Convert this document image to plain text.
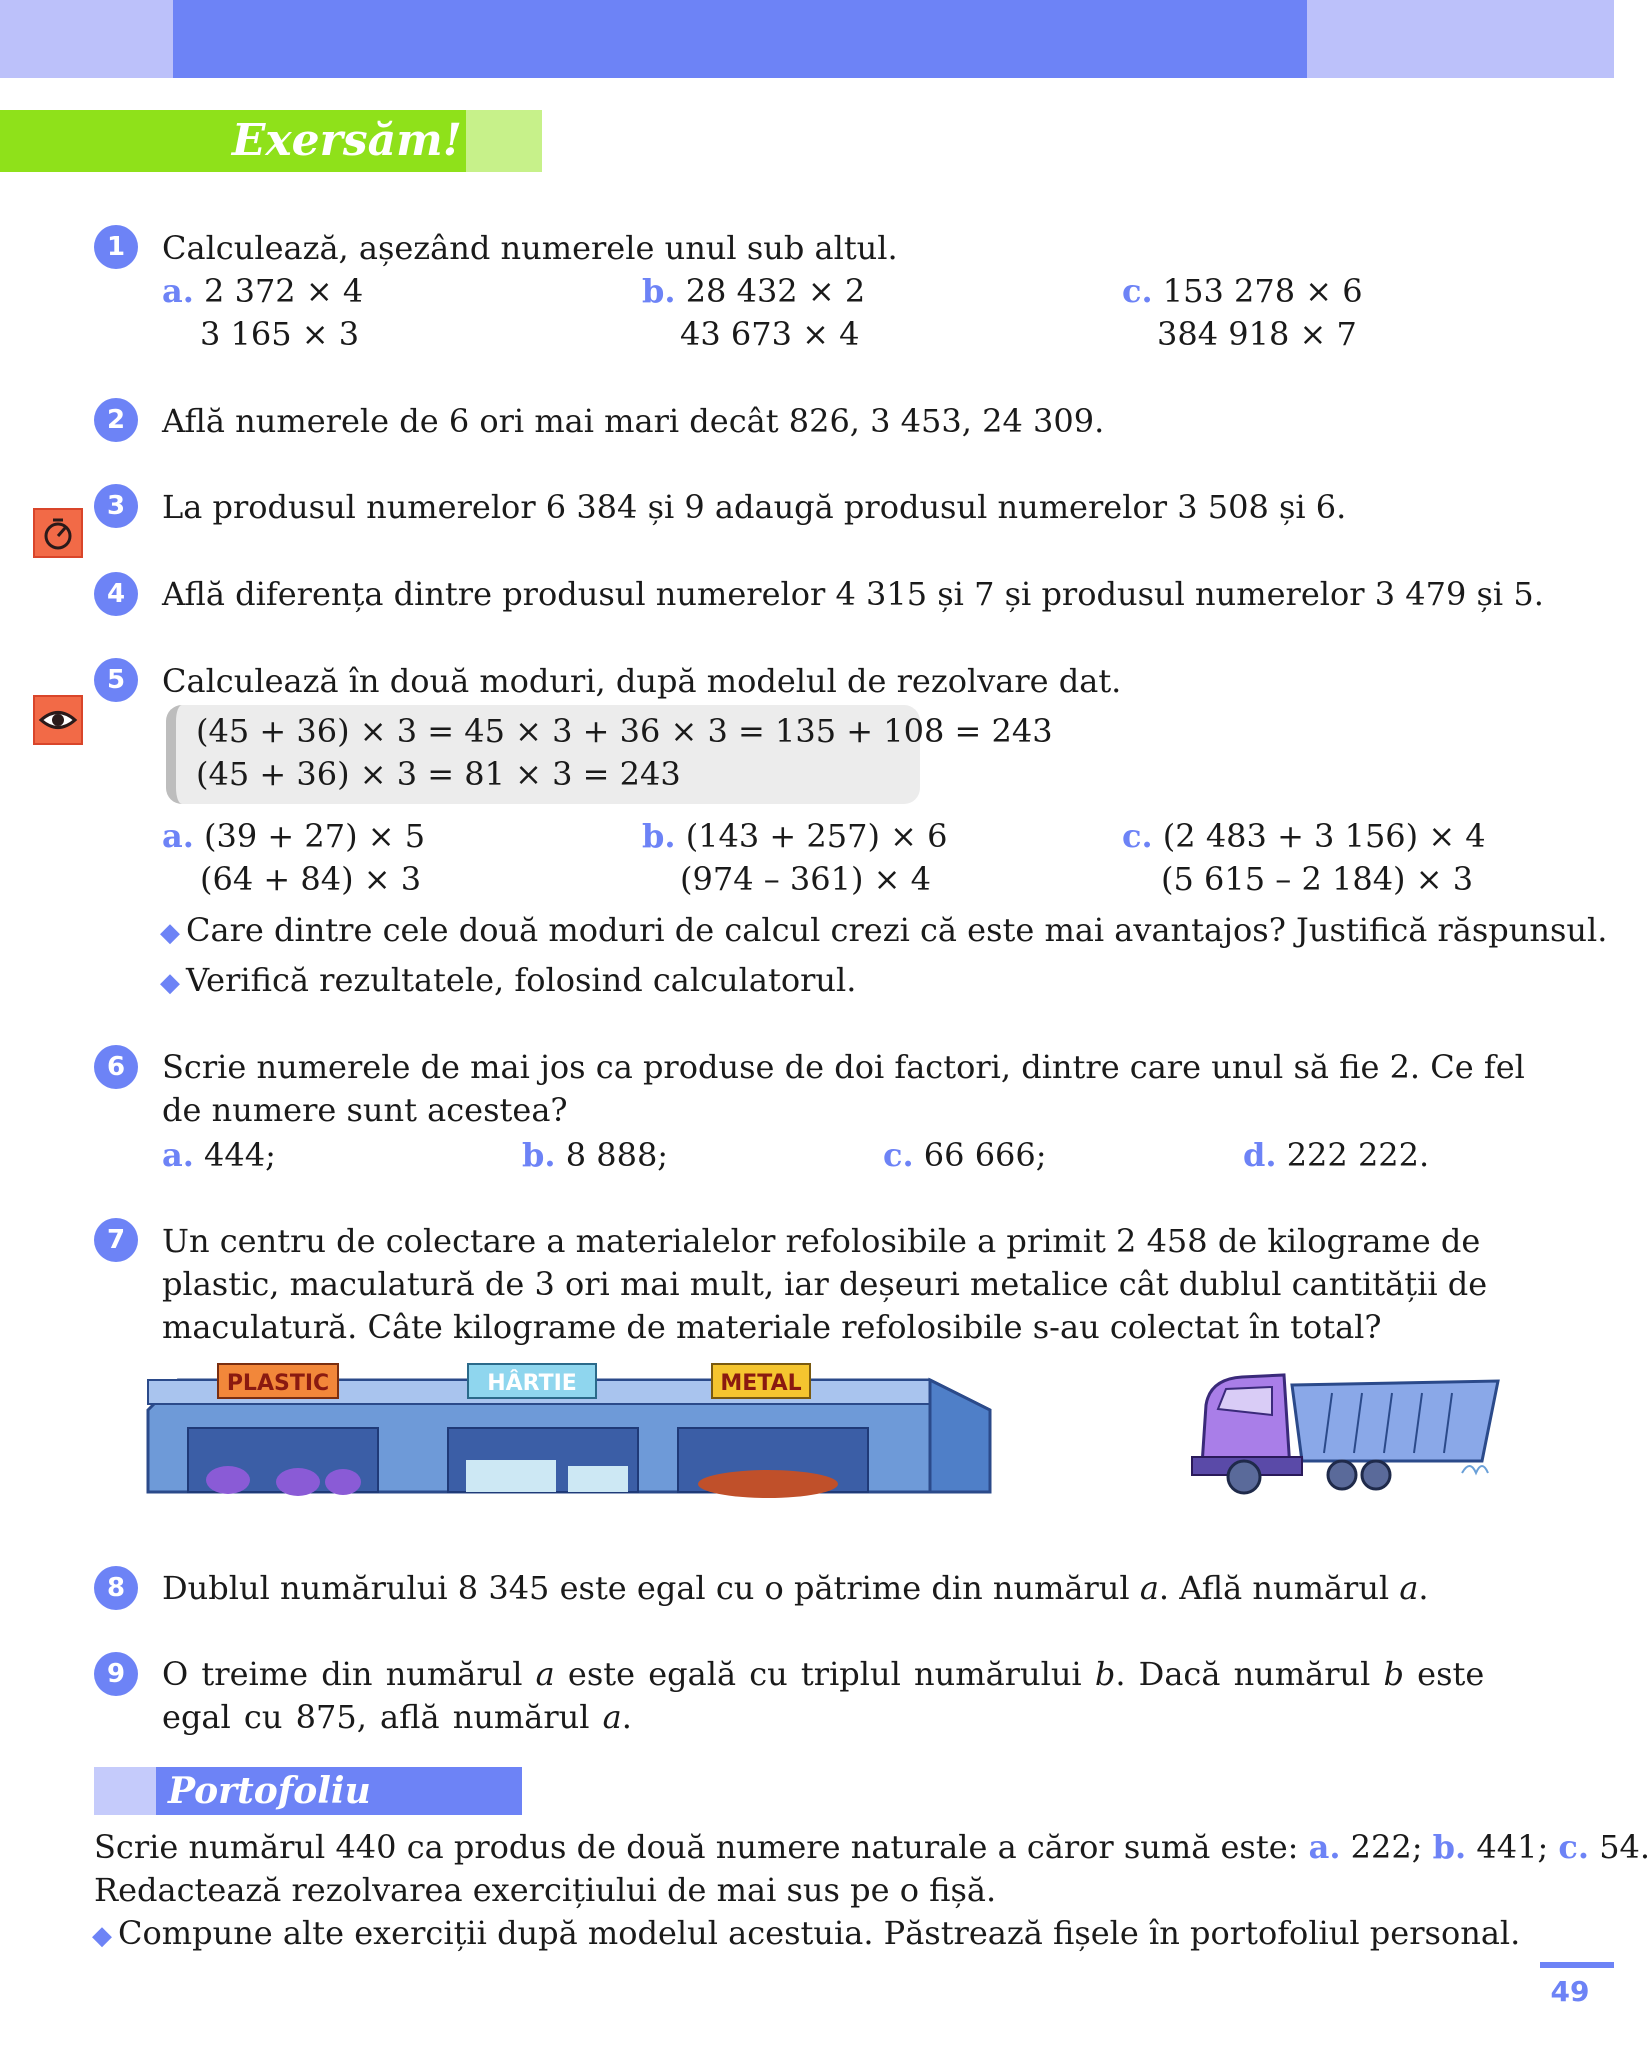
Exersăm!
1	Calculează, așezând numerele unul sub altul.
a. 2 372 × 4
3 165 × 3
b. 28 432 × 2
43 673 × 4
c. 153 278 × 6
384 918 × 7
2	Află numerele de 6 ori mai mari decât 826, 3 453, 24 309.
3	La produsul numerelor 6 384 și 9 adaugă produsul numerelor 3 508 și 6.
4	Află diferența dintre produsul numerelor 4 315 și 7 și produsul numerelor 3 479 și 5.
5	Calculează în două moduri, după modelul de rezolvare dat.
(45 + 36) × 3 = 45 × 3 + 36 × 3 = 135 + 108 = 243
(45 + 36) × 3 = 81 × 3 = 243
a. (39 + 27) × 5
(64 + 84) × 3
b. (143 + 257) × 6
(974 – 361) × 4
c. (2 483 + 3 156) × 4
(5 615 – 2 184) × 3
◆ Care dintre cele două moduri de calcul crezi că este mai avantajos? Justifică răspunsul.
◆ Verifică rezultatele, folosind calculatorul.
6	Scrie numerele de mai jos ca produse de doi factori, dintre care unul să fie 2. Ce fel de numere sunt acestea?
a. 444;	b. 8 888;	c. 66 666;	d. 222 222.
7	Un centru de colectare a materialelor refolosibile a primit 2 458 de kilograme de plastic, maculatură de 3 ori mai mult, iar deșeuri metalice cât dublul cantității de maculatură. Câte kilograme de materiale refolosibile s-au colectat în total?
PLASTIC	HÂRTIE	METAL
8	Dublul numărului 8 345 este egal cu o pătrime din numărul a. Află numărul a.
9	O treime din numărul a este egală cu triplul numărului b. Dacă numărul b este egal cu 875, află numărul a.
Portofoliu
Scrie numărul 440 ca produs de două numere naturale a căror sumă este: a. 222; b. 441; c. 54.
Redactează rezolvarea exercițiului de mai sus pe o fișă.
◆ Compune alte exerciții după modelul acestuia. Păstrează fișele în portofoliul personal.
49
